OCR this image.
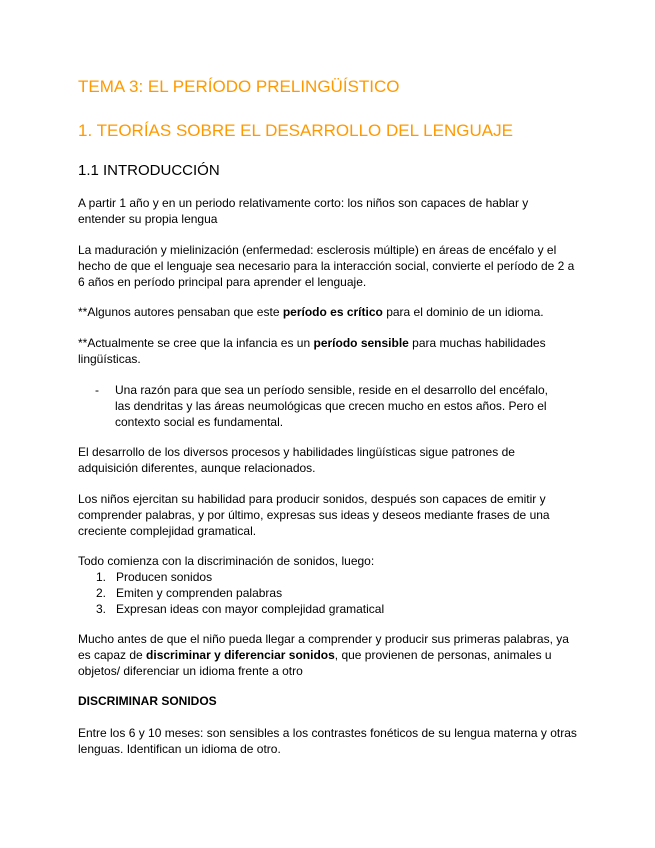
TEMA 3: EL PERÍODO PRELINGÜÍSTICO
1. TEORÍAS SOBRE EL DESARROLLO DEL LENGUAJE
1.1 INTRODUCCIÓN

A partir 1 año y en un periodo relativamente corto: los niños son capaces de hablar y entender su propia lengua

La maduración y mielinización (enfermedad: esclerosis múltiple) en áreas de encéfalo y el hecho de que el lenguaje sea necesario para la interacción social, convierte el período de 2 a 6 años en período principal para aprender el lenguaje.

**Algunos autores pensaban que este período es crítico para el dominio de un idioma.

**Actualmente se cree que la infancia es un período sensible para muchas habilidades lingüísticas.

- Una razón para que sea un período sensible, reside en el desarrollo del encéfalo, las dendritas y las áreas neumológicas que crecen mucho en estos años. Pero el contexto social es fundamental.

El desarrollo de los diversos procesos y habilidades lingüísticas sigue patrones de adquisición diferentes, aunque relacionados.

Los niños ejercitan su habilidad para producir sonidos, después son capaces de emitir y comprender palabras, y por último, expresas sus ideas y deseos mediante frases de una creciente complejidad gramatical.

Todo comienza con la discriminación de sonidos, luego:

1. Producen sonidos
2. Emiten y comprenden palabras
3. Expresan ideas con mayor complejidad gramatical

Mucho antes de que el niño pueda llegar a comprender y producir sus primeras palabras, ya es capaz de discriminar y diferenciar sonidos, que provienen de personas, animales u objetos/ diferenciar un idioma frente a otro

DISCRIMINAR SONIDOS

Entre los 6 y 10 meses: son sensibles a los contrastes fonéticos de su lengua materna y otras lenguas. Identifican un idioma de otro.
